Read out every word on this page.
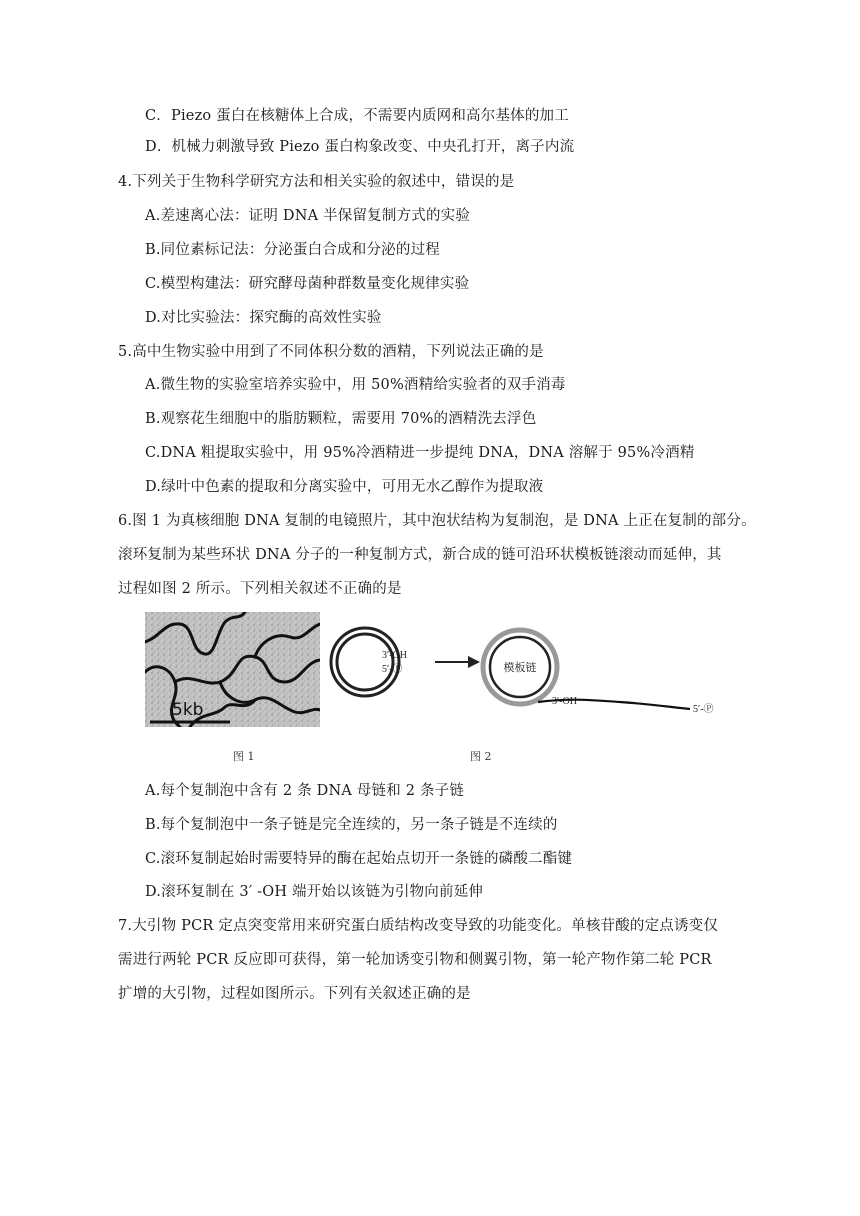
C．Piezo 蛋白在核糖体上合成，不需要内质网和高尔基体的加工
D．机械力刺激导致 Piezo 蛋白构象改变、中央孔打开，离子内流
4.下列关于生物科学研究方法和相关实验的叙述中，错误的是
A.差速离心法：证明 DNA 半保留复制方式的实验
B.同位素标记法：分泌蛋白合成和分泌的过程
C.模型构建法：研究酵母菌种群数量变化规律实验
D.对比实验法：探究酶的高效性实验
5.高中生物实验中用到了不同体积分数的酒精，下列说法正确的是
A.微生物的实验室培养实验中，用 50%酒精给实验者的双手消毒
B.观察花生细胞中的脂肪颗粒，需要用 70%的酒精洗去浮色
C.DNA 粗提取实验中，用 95%冷酒精进一步提纯 DNA，DNA 溶解于 95%冷酒精
D.绿叶中色素的提取和分离实验中，可用无水乙醇作为提取液
6.图 1 为真核细胞 DNA 复制的电镜照片，其中泡状结构为复制泡，是 DNA 上正在复制的部分。
滚环复制为某些环状 DNA 分子的一种复制方式，新合成的链可沿环状模板链滚动而延伸，其
过程如图 2 所示。下列相关叙述不正确的是
5kb
3′-OH
5′-Ⓟ	模板链
3′-OH
5′-Ⓟ
图 1	图 2
A.每个复制泡中含有 2 条 DNA 母链和 2 条子链
B.每个复制泡中一条子链是完全连续的，另一条子链是不连续的
C.滚环复制起始时需要特异的酶在起始点切开一条链的磷酸二酯键
D.滚环复制在 3′ -OH 端开始以该链为引物向前延伸
7.大引物 PCR 定点突变常用来研究蛋白质结构改变导致的功能变化。单核苷酸的定点诱变仅
需进行两轮 PCR 反应即可获得，第一轮加诱变引物和侧翼引物，第一轮产物作第二轮 PCR
扩增的大引物，过程如图所示。下列有关叙述正确的是
